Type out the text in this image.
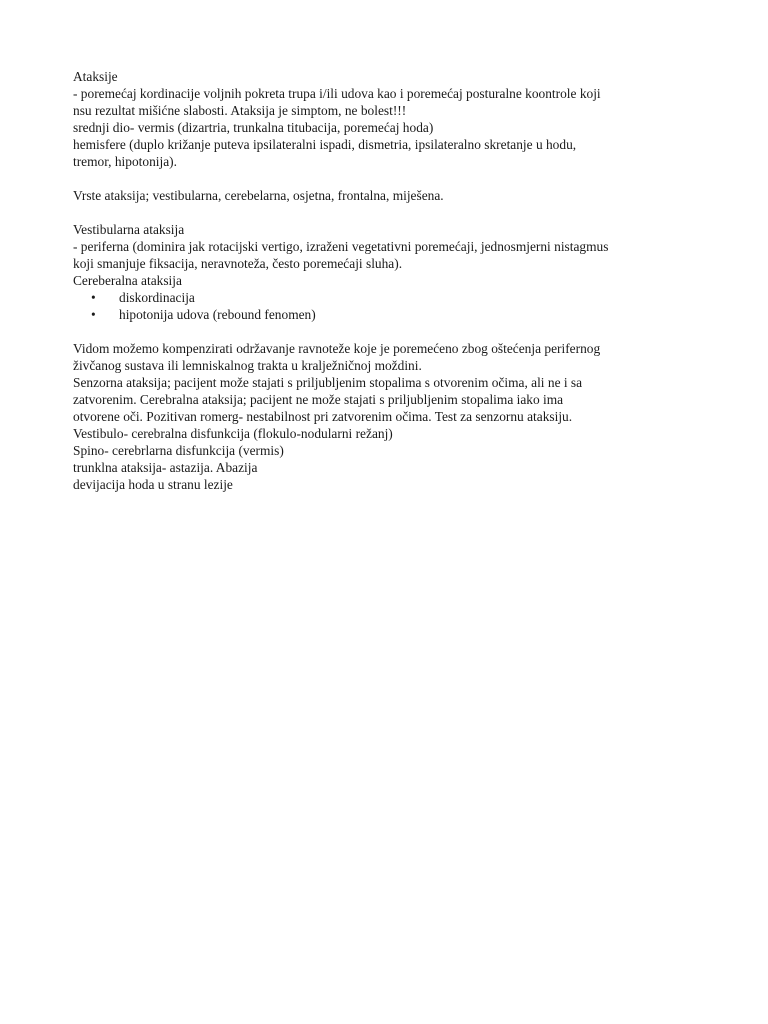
Ataksije
- poremećaj kordinacije voljnih pokreta trupa i/ili udova kao i poremećaj posturalne koontrole koji
nsu rezultat mišićne slabosti. Ataksija je simptom, ne bolest!!!
srednji dio- vermis (dizartria, trunkalna titubacija, poremećaj hoda)
hemisfere (duplo križanje puteva ipsilateralni ispadi, dismetria, ipsilateralno skretanje u hodu,
tremor, hipotonija).
Vrste ataksija; vestibularna, cerebelarna, osjetna, frontalna, miješena.
Vestibularna ataksija
- periferna (dominira jak rotacijski vertigo, izraženi vegetativni poremećaji, jednosmjerni nistagmus
koji smanjuje fiksacija, neravnoteža, često poremećaji sluha).
Cereberalna ataksija
• diskordinacija
• hipotonija udova (rebound fenomen)
Vidom možemo kompenzirati održavanje ravnoteže koje je poremećeno zbog oštećenja perifernog
živčanog sustava ili lemniskalnog trakta u kralježničnoj moždini.
Senzorna ataksija; pacijent može stajati s priljubljenim stopalima s otvorenim očima, ali ne i sa
zatvorenim. Cerebralna ataksija; pacijent ne može stajati s priljubljenim stopalima iako ima
otvorene oči. Pozitivan romerg- nestabilnost pri zatvorenim očima. Test za senzornu ataksiju.
Vestibulo- cerebralna disfunkcija (flokulo-nodularni režanj)
Spino- cerebrlarna disfunkcija (vermis)
trunklna ataksija- astazija. Abazija
devijacija hoda u stranu lezije
